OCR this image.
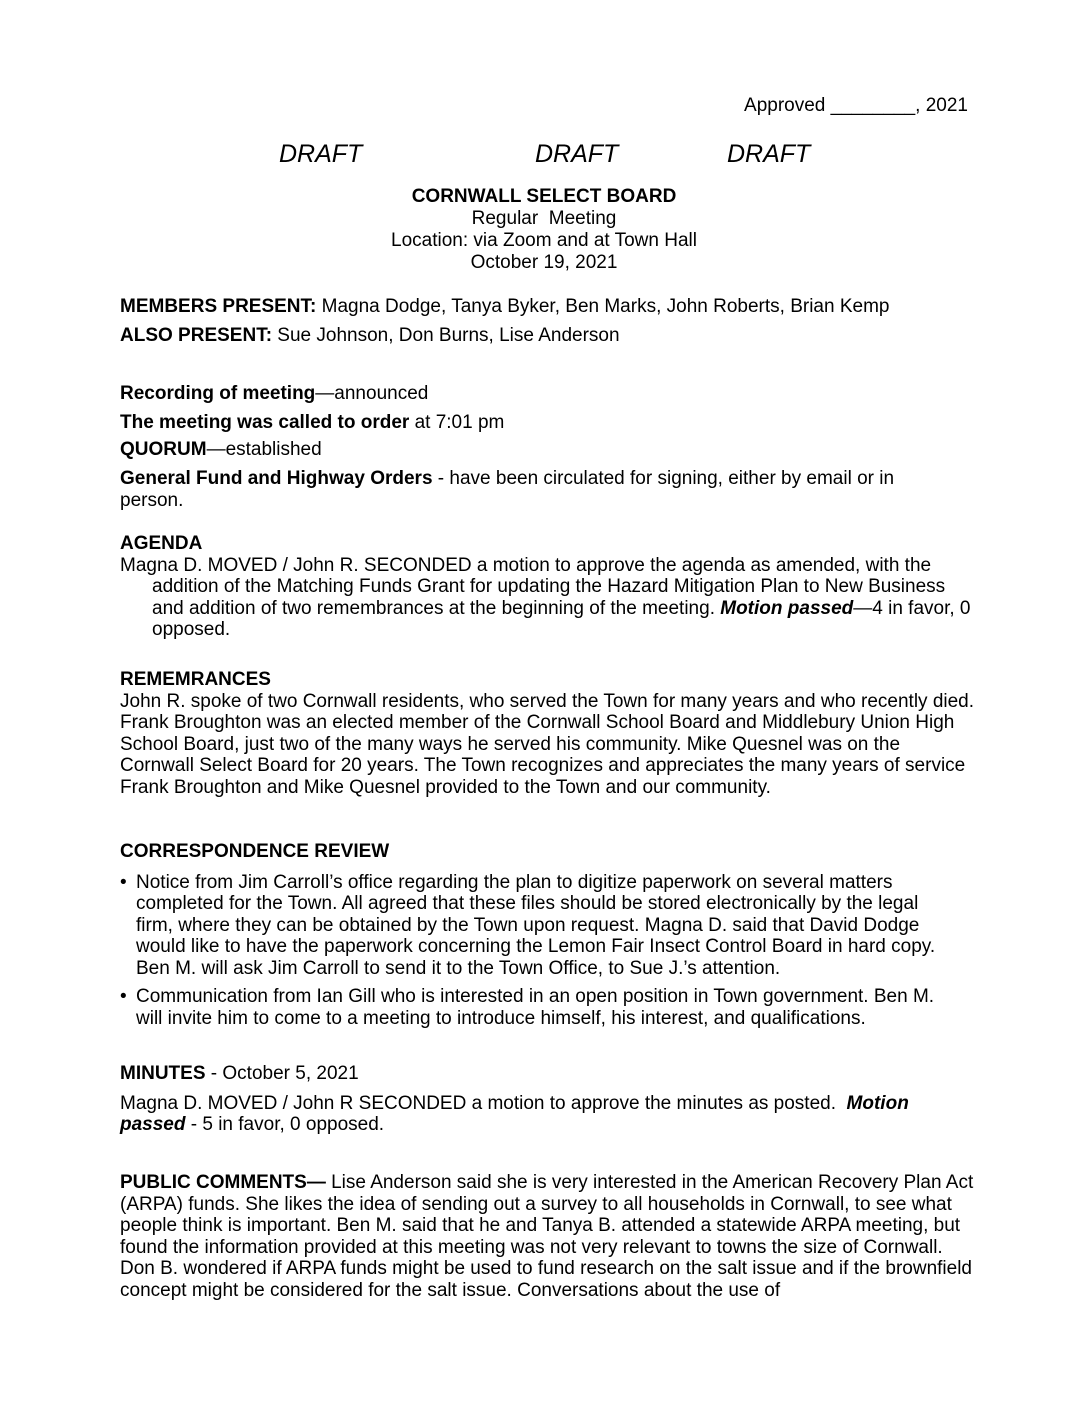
Approved ________, 2021
DRAFT	DRAFT	DRAFT
CORNWALL SELECT BOARD
Regular  Meeting
Location: via Zoom and at Town Hall
October 19, 2021
MEMBERS PRESENT: Magna Dodge, Tanya Byker, Ben Marks, John Roberts, Brian Kemp
ALSO PRESENT: Sue Johnson, Don Burns, Lise Anderson
Recording of meeting—announced
The meeting was called to order at 7:01 pm
QUORUM—established
General Fund and Highway Orders - have been circulated for signing, either by email or in person.
AGENDA
Magna D. MOVED / John R. SECONDED a motion to approve the agenda as amended, with the addition of the Matching Funds Grant for updating the Hazard Mitigation Plan to New Business and addition of two remembrances at the beginning of the meeting. Motion passed—4 in favor, 0 opposed.
REMEMRANCES
John R. spoke of two Cornwall residents, who served the Town for many years and who recently died. Frank Broughton was an elected member of the Cornwall School Board and Middlebury Union High School Board, just two of the many ways he served his community. Mike Quesnel was on the Cornwall Select Board for 20 years. The Town recognizes and appreciates the many years of service Frank Broughton and Mike Quesnel provided to the Town and our community.
CORRESPONDENCE REVIEW
• Notice from Jim Carroll’s office regarding the plan to digitize paperwork on several matters completed for the Town. All agreed that these files should be stored electronically by the legal firm, where they can be obtained by the Town upon request. Magna D. said that David Dodge would like to have the paperwork concerning the Lemon Fair Insect Control Board in hard copy. Ben M. will ask Jim Carroll to send it to the Town Office, to Sue J.’s attention.
• Communication from Ian Gill who is interested in an open position in Town government. Ben M. will invite him to come to a meeting to introduce himself, his interest, and qualifications.
MINUTES - October 5, 2021
Magna D. MOVED / John R SECONDED a motion to approve the minutes as posted.  Motion passed - 5 in favor, 0 opposed.
PUBLIC COMMENTS— Lise Anderson said she is very interested in the American Recovery Plan Act (ARPA) funds. She likes the idea of sending out a survey to all households in Cornwall, to see what people think is important. Ben M. said that he and Tanya B. attended a statewide ARPA meeting, but found the information provided at this meeting was not very relevant to towns the size of Cornwall. Don B. wondered if ARPA funds might be used to fund research on the salt issue and if the brownfield concept might be considered for the salt issue. Conversations about the use of
